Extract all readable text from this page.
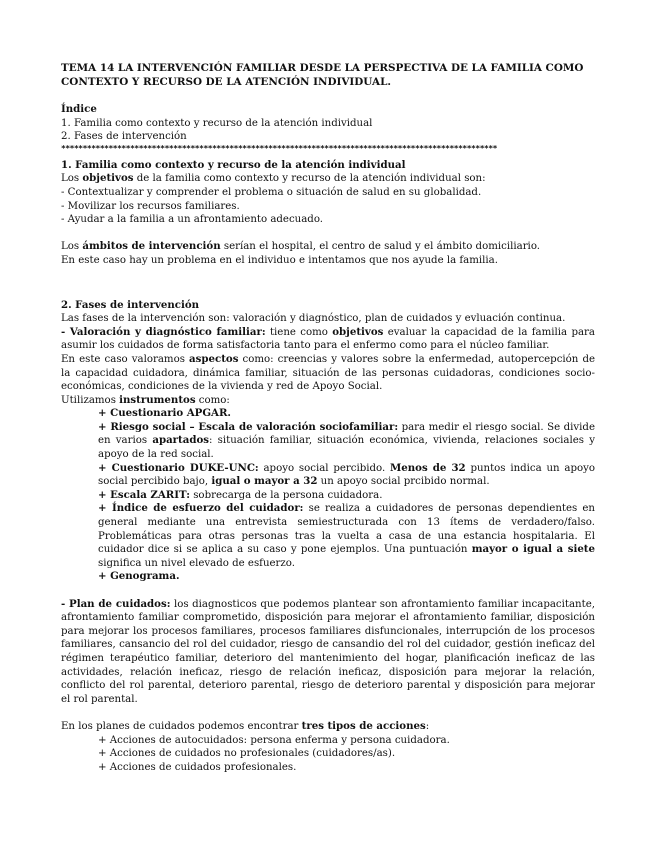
TEMA 14 LA INTERVENCIÓN FAMILIAR DESDE LA PERSPECTIVA DE LA FAMILIA COMO CONTEXTO Y RECURSO DE LA ATENCIÓN INDIVIDUAL.

Índice

1. Familia como contexto y recurso de la atención individual

2. Fases de intervención

*****************************************************************************************************

1. Familia como contexto y recurso de la atención individual

Los objetivos de la familia como contexto y recurso de la atención individual son:

- Contextualizar y comprender el problema o situación de salud en su globalidad.

- Movilizar los recursos familiares.

- Ayudar a la familia a un afrontamiento adecuado.

Los ámbitos de intervención serían el hospital, el centro de salud y el ámbito domiciliario.

En este caso hay un problema en el individuo e intentamos que nos ayude la familia.

2. Fases de intervención

Las fases de la intervención son: valoración y diagnóstico, plan de cuidados y evluación continua.

- Valoración y diagnóstico familiar: tiene como objetivos evaluar la capacidad de la familia para asumir los cuidados de forma satisfactoria tanto para el enfermo como para el núcleo familiar.

En este caso valoramos aspectos como: creencias y valores sobre la enfermedad, autopercepción de la capacidad cuidadora, dinámica familiar, situación de las personas cuidadoras, condiciones socio-económicas, condiciones de la vivienda y red de Apoyo Social.

Utilizamos instrumentos como:

+ Cuestionario APGAR.

+ Riesgo social – Escala de valoración sociofamiliar: para medir el riesgo social. Se divide en varios apartados: situación familiar, situación económica, vivienda, relaciones sociales y apoyo de la red social.

+ Cuestionario DUKE-UNC: apoyo social percibido. Menos de 32 puntos indica un apoyo social percibido bajo, igual o mayor a 32 un apoyo social prcibido normal.

+ Escala ZARIT: sobrecarga de la persona cuidadora.

+ Índice de esfuerzo del cuidador: se realiza a cuidadores de personas dependientes en general mediante una entrevista semiestructurada con 13 ítems de verdadero/falso. Problemáticas para otras personas tras la vuelta a casa de una estancia hospitalaria. El cuidador dice si se aplica a su caso y pone ejemplos. Una puntuación mayor o igual a siete significa un nivel elevado de esfuerzo.

+ Genograma.

- Plan de cuidados: los diagnosticos que podemos plantear son afrontamiento familiar incapacitante, afrontamiento familiar comprometido, disposición para mejorar el afrontamiento familiar, disposición para mejorar los procesos familiares, procesos familiares disfuncionales, interrupción de los procesos familiares, cansancio del rol del cuidador, riesgo de cansandio del rol del cuidador, gestión ineficaz del régimen terapéutico familiar, deterioro del mantenimiento del hogar, planificación ineficaz de las actividades, relación ineficaz, riesgo de relación ineficaz, disposición para mejorar la relación, conflicto del rol parental, deterioro parental, riesgo de deterioro parental y disposición para mejorar el rol parental.

En los planes de cuidados podemos encontrar tres tipos de acciones:

+ Acciones de autocuidados: persona enferma y persona cuidadora.

+ Acciones de cuidados no profesionales (cuidadores/as).

+ Acciones de cuidados profesionales.
